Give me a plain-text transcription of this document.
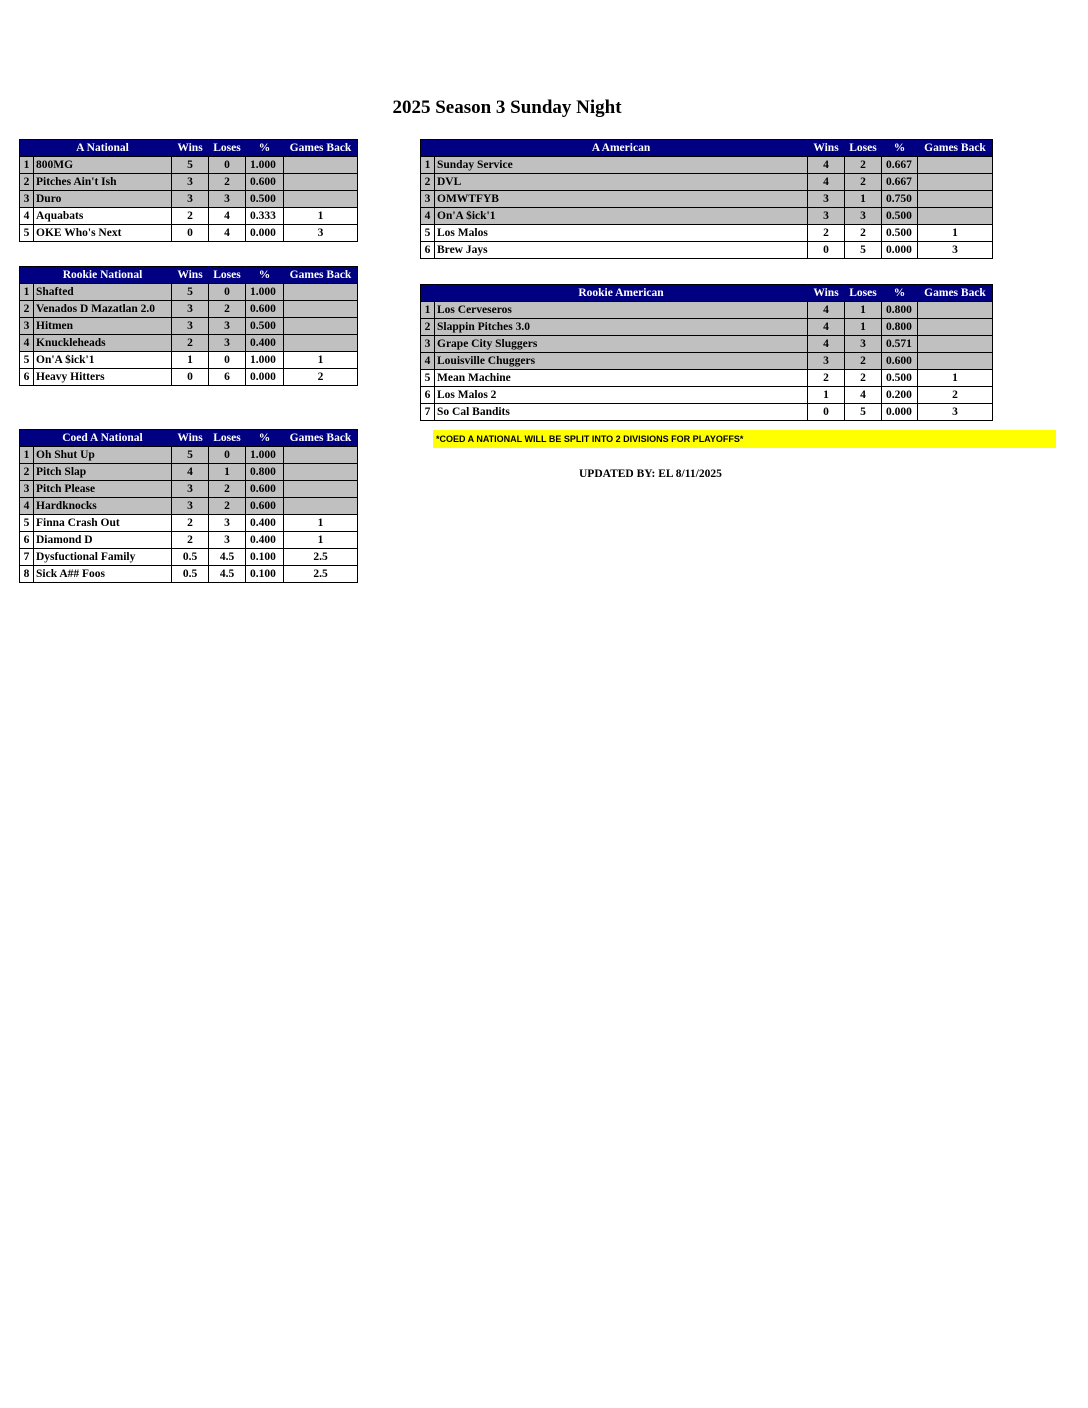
2025 Season 3 Sunday Night
	A National	Wins	Loses	%	Games Back
1	800MG	5	0	1.000	
2	Pitches Ain't Ish	3	2	0.600	
3	Duro	3	3	0.500	
4	Aquabats	2	4	0.333	1
5	OKE Who's Next	0	4	0.000	3
	Rookie National	Wins	Loses	%	Games Back
1	Shafted	5	0	1.000	
2	Venados D Mazatlan 2.0	3	2	0.600	
3	Hitmen	3	3	0.500	
4	Knuckleheads	2	3	0.400	
5	On'A $ick'1	1	0	1.000	1
6	Heavy Hitters	0	6	0.000	2
	Coed A National	Wins	Loses	%	Games Back
1	Oh Shut Up	5	0	1.000	
2	Pitch Slap	4	1	0.800	
3	Pitch Please	3	2	0.600	
4	Hardknocks	3	2	0.600	
5	Finna Crash Out	2	3	0.400	1
6	Diamond D	2	3	0.400	1
7	Dysfuctional Family	0.5	4.5	0.100	2.5
8	Sick A## Foos	0.5	4.5	0.100	2.5
	A American	Wins	Loses	%	Games Back
1	Sunday Service	4	2	0.667	
2	DVL	4	2	0.667	
3	OMWTFYB	3	1	0.750	
4	On'A $ick'1	3	3	0.500	
5	Los Malos	2	2	0.500	1
6	Brew Jays	0	5	0.000	3
	Rookie American	Wins	Loses	%	Games Back
1	Los Cerveseros	4	1	0.800	
2	Slappin Pitches 3.0	4	1	0.800	
3	Grape City Sluggers	4	3	0.571	
4	Louisville Chuggers	3	2	0.600	
5	Mean Machine	2	2	0.500	1
6	Los Malos 2	1	4	0.200	2
7	So Cal Bandits	0	5	0.000	3
*COED A NATIONAL WILL BE SPLIT INTO 2 DIVISIONS FOR PLAYOFFS*
UPDATED BY: EL 8/11/2025
